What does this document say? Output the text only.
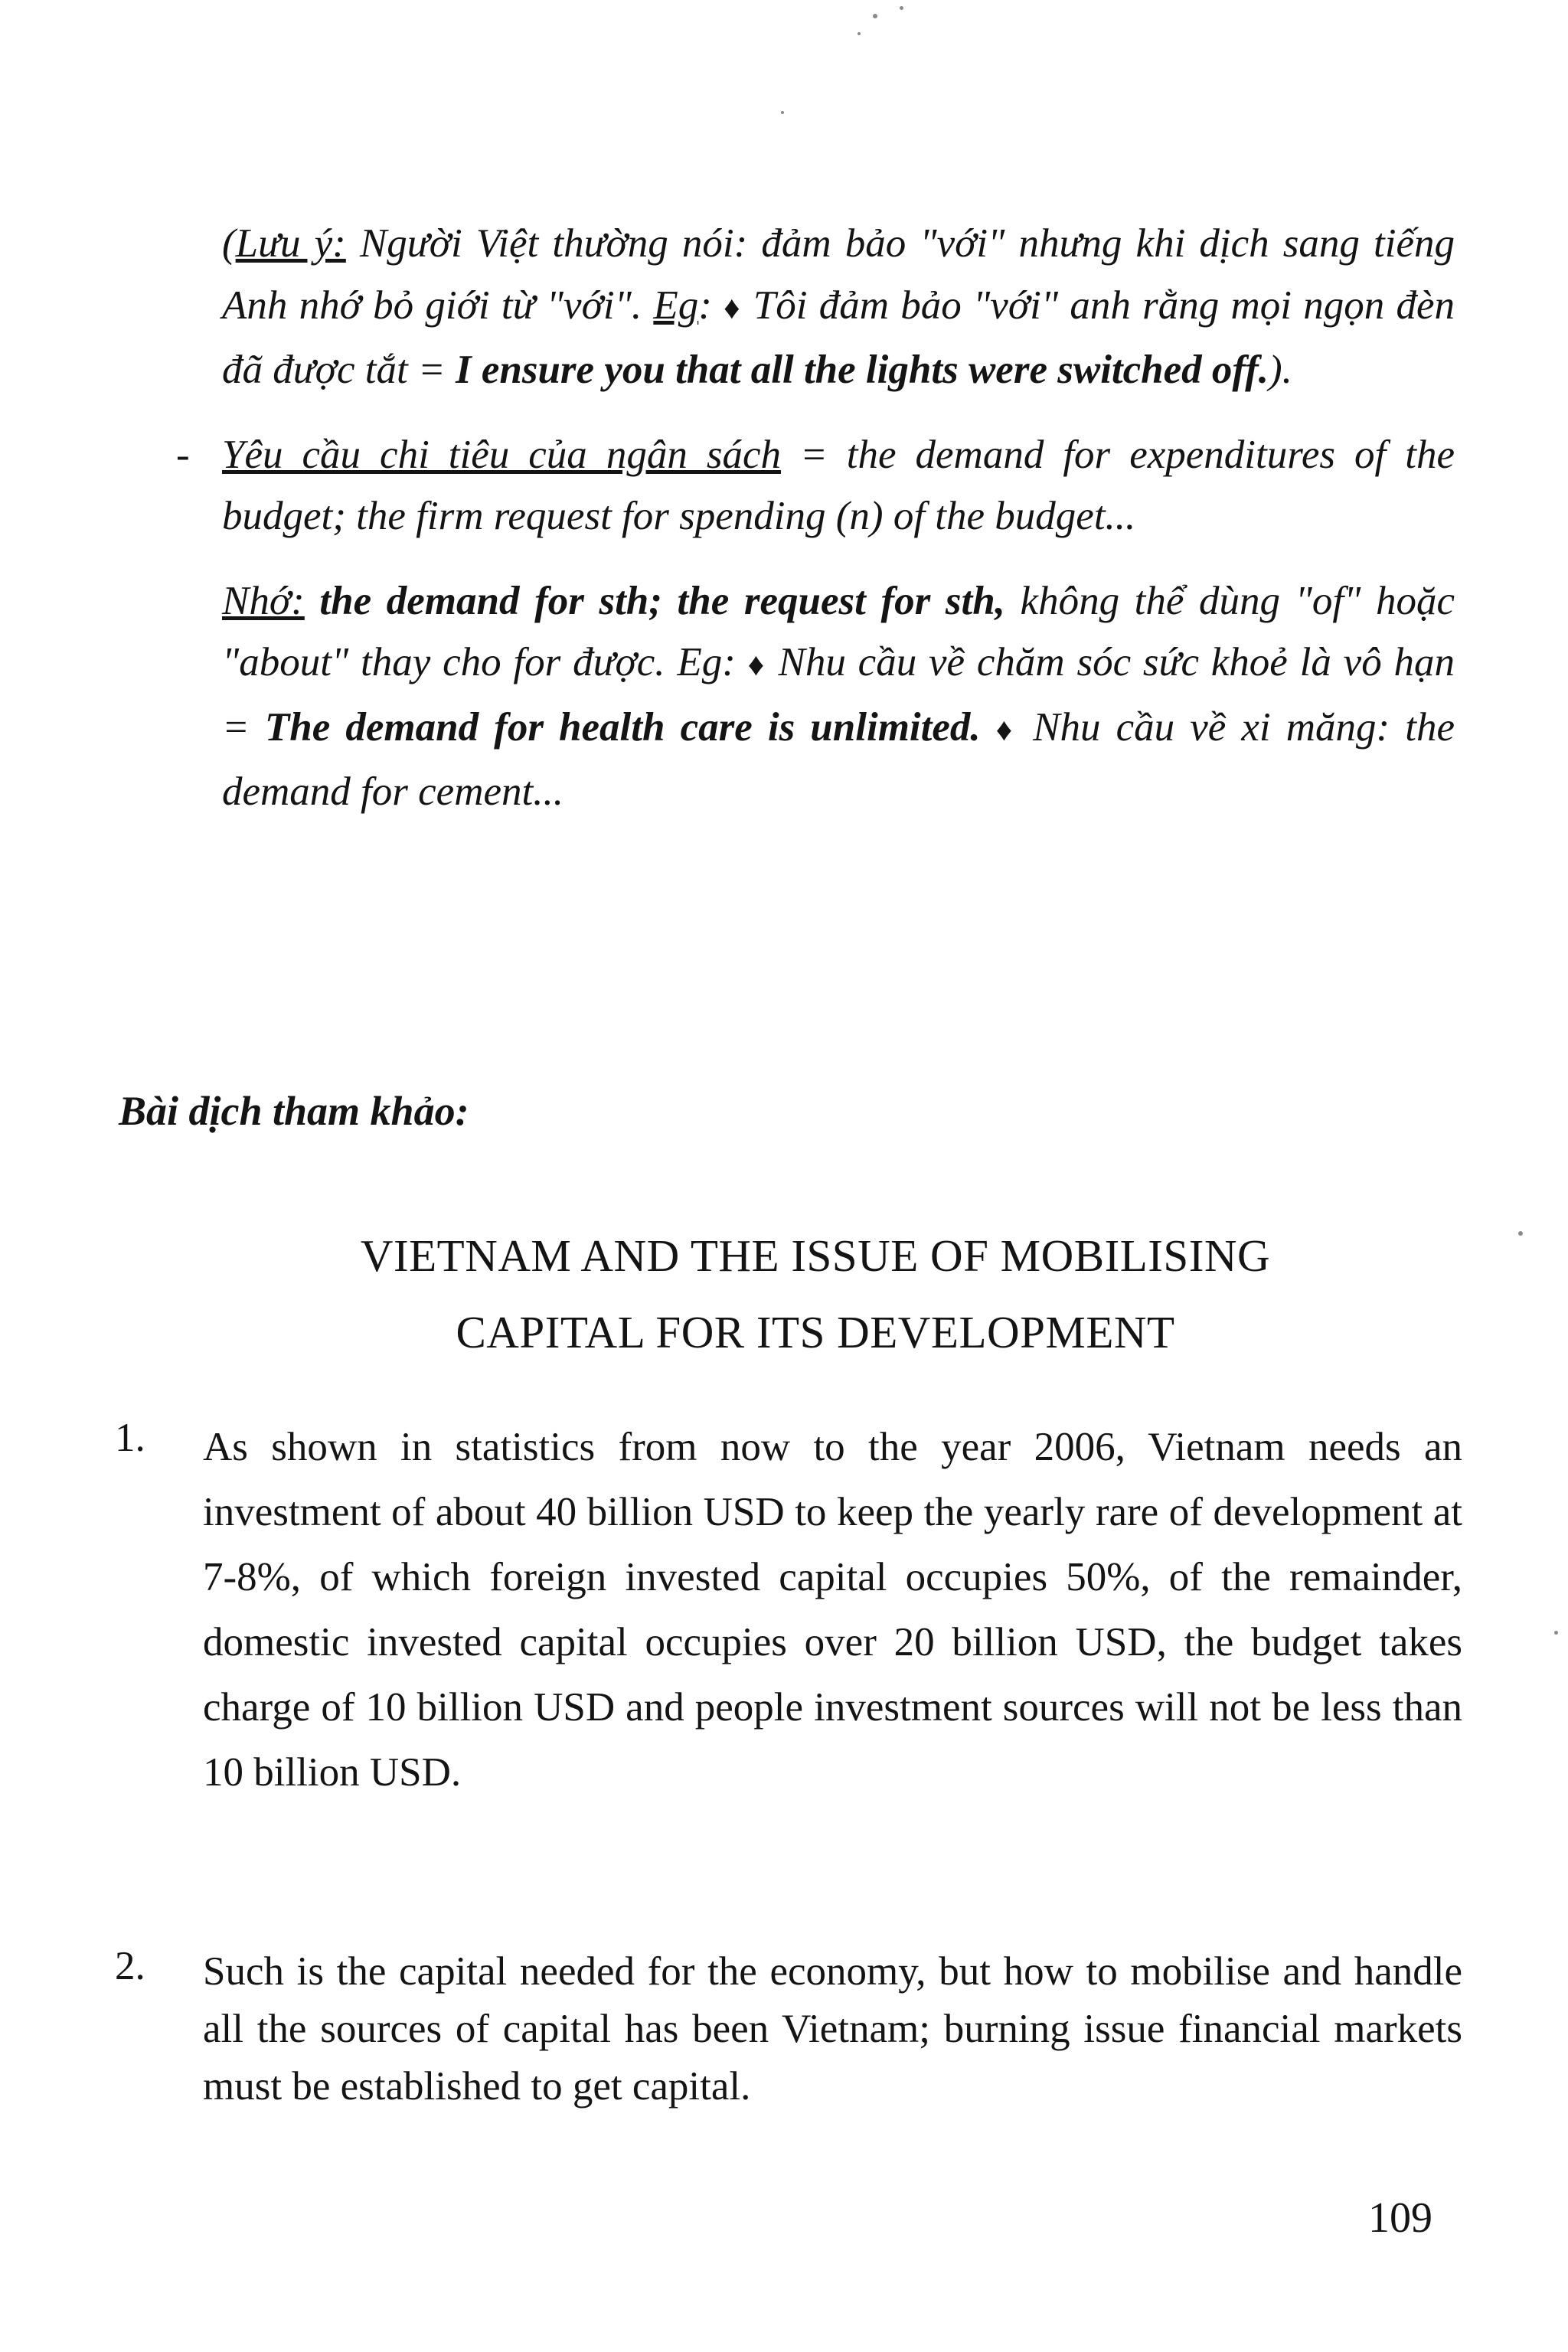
(Lưu ý: Người Việt thường nói: đảm bảo "với" nhưng khi dịch sang tiếng Anh nhớ bỏ giới từ "với". Eg: ♦ Tôi đảm bảo "với" anh rằng mọi ngọn đèn đã được tắt = I ensure you that all the lights were switched off.).

- Yêu cầu chi tiêu của ngân sách = the demand for expenditures of the budget; the firm request for spending (n) of the budget...

Nhớ: the demand for sth; the request for sth, không thể dùng "of" hoặc "about" thay cho for được. Eg: ♦ Nhu cầu về chăm sóc sức khoẻ là vô hạn = The demand for health care is unlimited. ♦ Nhu cầu về xi măng: the demand for cement...

Bài dịch tham khảo:
VIETNAM AND THE ISSUE OF MOBILISING
CAPITAL FOR ITS DEVELOPMENT

1. As shown in statistics from now to the year 2006, Vietnam needs an investment of about 40 billion USD to keep the yearly rare of development at 7-8%, of which foreign invested capital occupies 50%, of the remainder, domestic invested capital occupies over 20 billion USD, the budget takes charge of 10 billion USD and people investment sources will not be less than 10 billion USD.

2. Such is the capital needed for the economy, but how to mobilise and handle all the sources of capital has been Vietnam; burning issue financial markets must be established to get capital.

109
